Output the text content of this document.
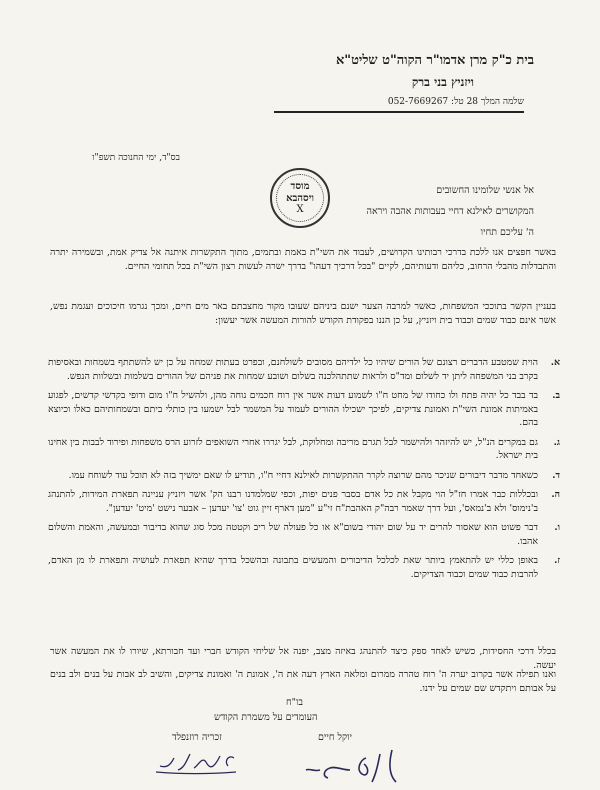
בית כ"ק מרן אדמו"ר הקוה"ט שליט"א

ויזניץ בני ברק

שלמה המלך 28 טל: 052-7669267

בס"ד, ימי החנוכה תשפ"ו
מוסד
ויסהבא
X
אל אנשי שלומינו החשובים
המקושרים לאילנא דחיי בעבותות אהבה ויראה
ה' עליכם תחיו
באשר חפצים אנו ללכת בדרכי רבותינו הקדושים, לעבוד את השי"ת באמת ובתמים, מתוך התקשרות איתנה אל צדיק אמת, ובשמירה יתרה והתבדלות מהבלי הרחוב, כליהם ודעותיהם, לקיים "בכל דרכיך דעהו" בדרך ישרה לעשות רצון השי"ת בכל תחומי החיים.
בעניין הקשר בתוככי המשפחות, כאשר למרבה הצער ישנם ביניהם שעובו מקור מחצבתם באר מים חיים, ומכך נגרמו חיכוכים ועגמת נפש, אשר אינם כבוד שמים וכבוד בית ויזניץ, על כן הננו בפקודת הקודש להורות המעשה אשר יעשון:
א.
הוית שמטבע הדברים רצונם של הורים שיהיו כל ילדיהם מסובים לשולחנם, ובפרט בעתות שמחה על כן יש להשתתף בשמחות ובאסיפות בקרב בני המשפחה ליתן יד לשלום ומד"ס ולראות שתתהלכנה בשלום ושובע שמחות את פניהם של ההורים בשלמות ובשלוות הנפש.
ב.
בד בבד כל יהיה פתח ולו כחודו של מחט ח"ו לשמוע דעות אשר אין רוח חכמים נוחה מהן, ולהשיל ח"ו מום ודופי בקדשי קדשים, לפגוע באמיתות אמונת השי"ת ואמונת צדיקים, לפיכך ישכילו ההורים לעמוד על המשמר לבל ישמעו בין כותלי ביתם ובשמחותיהם כאלו וכיוצא בהם.
ג.
גם במקרים הנ"ל, יש להיזהר ולהישמר לבל תגרם מריבה ומחלוקת, לבל יגררו אחרי השואפים לזרוע הרס משפחות ופירוד לבבות בין אחינו בית ישראל.
ד.
כשאחד מדבר דיבורים שניכר מהם שרוצה לקרר ההתקשרות לאילנא דחיי ח"ו, תודיע לו שאם ימשיך בזה לא תוכל עוד לשוחח עמו.
ה.
ובכללות כבר אמרו חז"ל הוי מקבל את כל אדם בסבר פנים יפות, וכפי שמלמדנו רבנו הק' אשר ויזניץ עניינה תפארת המידות, להתנהג ב'נימוס' ולא ב'נמאס', ועל דרך שאמר רבה"ק האהבת"ח זי"ע "מען דארף זיין גוט 'צו' יעדען – אבער נישט 'מיט' יעדען".
ו.
דבר פשוט הוא שאסור להרים יד על שום יהודי בשום"א או כל פעולה של ריב וקטטה מכל סוג שהוא בדיבור ובמעשה, והאמת והשלום אהבו.
ז.
באופן כללי יש להתאמץ ביותר שאת לכלכל הדיבורים והמעשים בתבונה ובהשכל בדרך שהיא תפארת לעושיה ותפארת לו מן האדם, להרבות כבוד שמים וכבוד הצדיקים.
בכלל דרכי החסידות, כשיש לאחד ספק כיצד להתנהג באיזה מצב, יפנה אל שליחי הקודש חברי ועד חבורתא, שיורו לו את המעשה אשר יעשה.
ואנו תפילה אשר בקרוב יערה ה' רוח טהרה ממרום ומלאה הארץ דעה את ה', אמונת ה' ואמונת צדיקים, והשיב לב אבות על בנים ולב בנים על אבותם ויתקדש שם שמים על ידנו.
בו"ח
העומדים על משמרת הקודש
יוקל חיים
זכריה רוזנפלד
